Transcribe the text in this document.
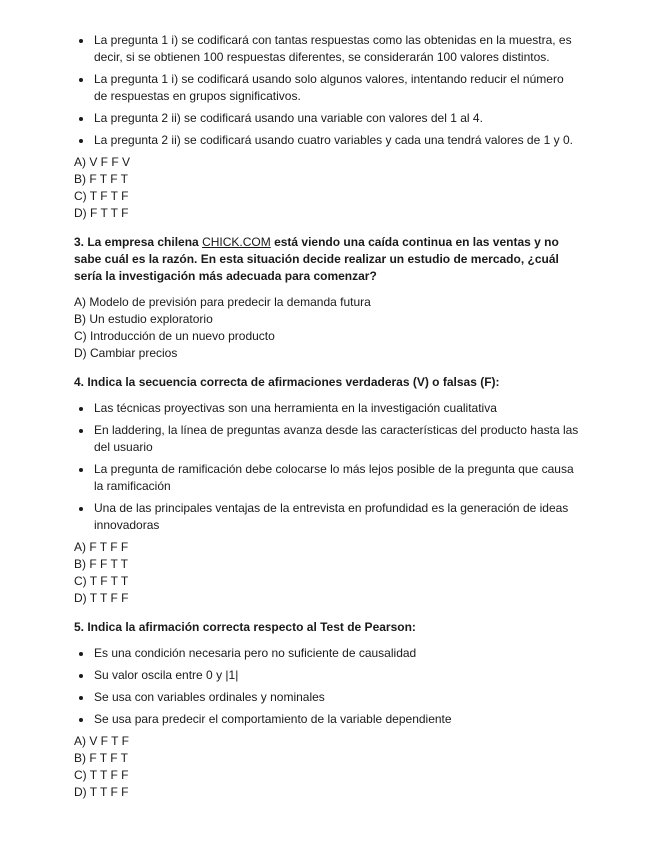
La pregunta 1 i) se codificará con tantas respuestas como las obtenidas en la muestra, es decir, si se obtienen 100 respuestas diferentes, se considerarán 100 valores distintos.
La pregunta 1 i) se codificará usando solo algunos valores, intentando reducir el número de respuestas en grupos significativos.
La pregunta 2 ii) se codificará usando una variable con valores del 1 al 4.
La pregunta 2 ii) se codificará usando cuatro variables y cada una tendrá valores de 1 y 0.
A) V F F V
B) F T F T
C) T F T F
D) F T T F
3. La empresa chilena CHICK.COM está viendo una caída continua en las ventas y no sabe cuál es la razón. En esta situación decide realizar un estudio de mercado, ¿cuál sería la investigación más adecuada para comenzar?
A) Modelo de previsión para predecir la demanda futura
B) Un estudio exploratorio
C) Introducción de un nuevo producto
D) Cambiar precios
4. Indica la secuencia correcta de afirmaciones verdaderas (V) o falsas (F):
Las técnicas proyectivas son una herramienta en la investigación cualitativa
En laddering, la línea de preguntas avanza desde las características del producto hasta las del usuario
La pregunta de ramificación debe colocarse lo más lejos posible de la pregunta que causa la ramificación
Una de las principales ventajas de la entrevista en profundidad es la generación de ideas innovadoras
A) F T F F
B) F F T T
C) T F T T
D) T T F F
5. Indica la afirmación correcta respecto al Test de Pearson:
Es una condición necesaria pero no suficiente de causalidad
Su valor oscila entre 0 y |1|
Se usa con variables ordinales y nominales
Se usa para predecir el comportamiento de la variable dependiente
A) V F T F
B) F T F T
C) T T F F
D) T T F F
